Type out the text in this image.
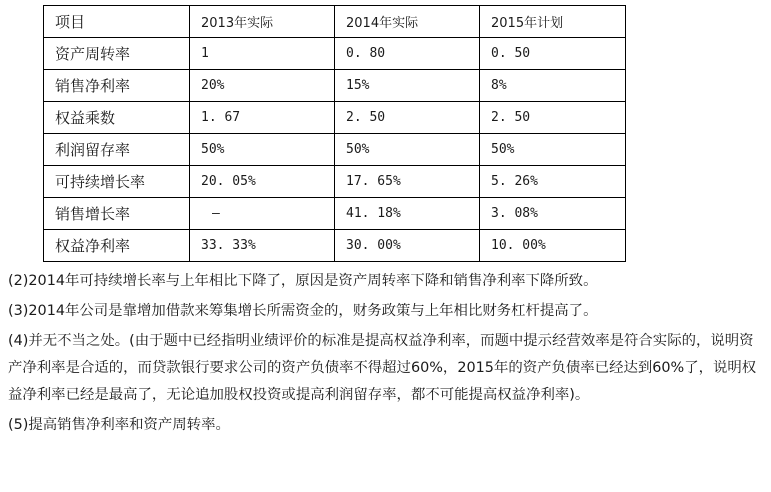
项目	2013年实际	2014年实际	2015年计划
资产周转率	1	0. 80	0. 50
销售净利率	20%	15%	8%
权益乘数	1. 67	2. 50	2. 50
利润留存率	50%	50%	50%
可持续增长率	20. 05%	17. 65%	5. 26%
销售增长率	—	41. 18%	3. 08%
权益净利率	33. 33%	30. 00%	10. 00%

(2)2014年可持续增长率与上年相比下降了，原因是资产周转率下降和销售净利率下降所致。

(3)2014年公司是靠增加借款来筹集增长所需资金的，财务政策与上年相比财务杠杆提高了。

(4)并无不当之处。(由于题中已经指明业绩评价的标准是提高权益净利率，而题中提示经营效率是符合实际的，说明资产净利率是合适的，而贷款银行要求公司的资产负债率不得超过60%，2015年的资产负债率已经达到60%了，说明权益净利率已经是最高了，无论追加股权投资或提高利润留存率，都不可能提高权益净利率)。

(5)提高销售净利率和资产周转率。
